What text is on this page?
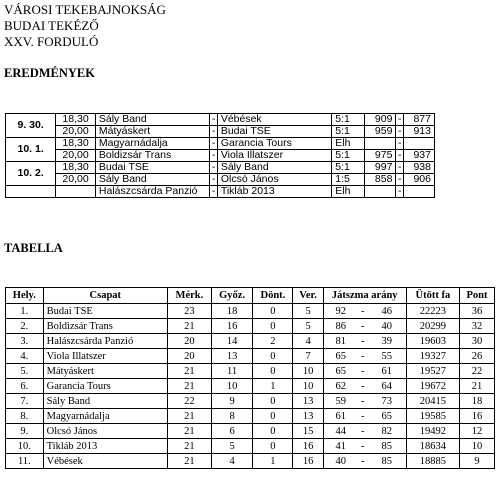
VÁROSI TEKEBAJNOKSÁG
BUDAI TEKÉZŐ
XXV. FORDULÓ
EREDMÉNYEK
9. 30.	18,30	Sály Band	-	Vébések	5:1	909	-	877
	20,00	Mátyáskert	-	Budai TSE	5:1	959	-	913
10. 1.	18,30	Magyarnádalja	-	Garancia Tours	Elh		-	
	20,00	Boldizsár Trans	-	Viola Illatszer	5:1	975	-	937
10. 2.	18,30	Budai TSE	-	Sály Band	5:1	997	-	938
	20,00	Sály Band	-	Olcsó János	1:5	858	-	906
		Halászcsárda Panzió	-	Tikláb 2013	Elh		-	
TABELLA
Hely.	Csapat	Mérk.	Győz.	Dönt.	Ver.	Játszma arány			Ütött fa	Pont
1.	Budai TSE	23	18	0	5	92	-	46	22223	36
2.	Boldizsár Trans	21	16	0	5	86	-	40	20299	32
3.	Halászcsárda Panzió	20	14	2	4	81	-	39	19603	30
4.	Viola Illatszer	20	13	0	7	65	-	55	19327	26
5.	Mátyáskert	21	11	0	10	65	-	61	19527	22
6.	Garancia Tours	21	10	1	10	62	-	64	19672	21
7.	Sály Band	22	9	0	13	59	-	73	20415	18
8.	Magyarnádalja	21	8	0	13	61	-	65	19585	16
9.	Olcsó János	21	6	0	15	44	-	82	19492	12
10.	Tikláb 2013	21	5	0	16	41	-	85	18634	10
11.	Vébések	21	4	1	16	40	-	85	18885	9
